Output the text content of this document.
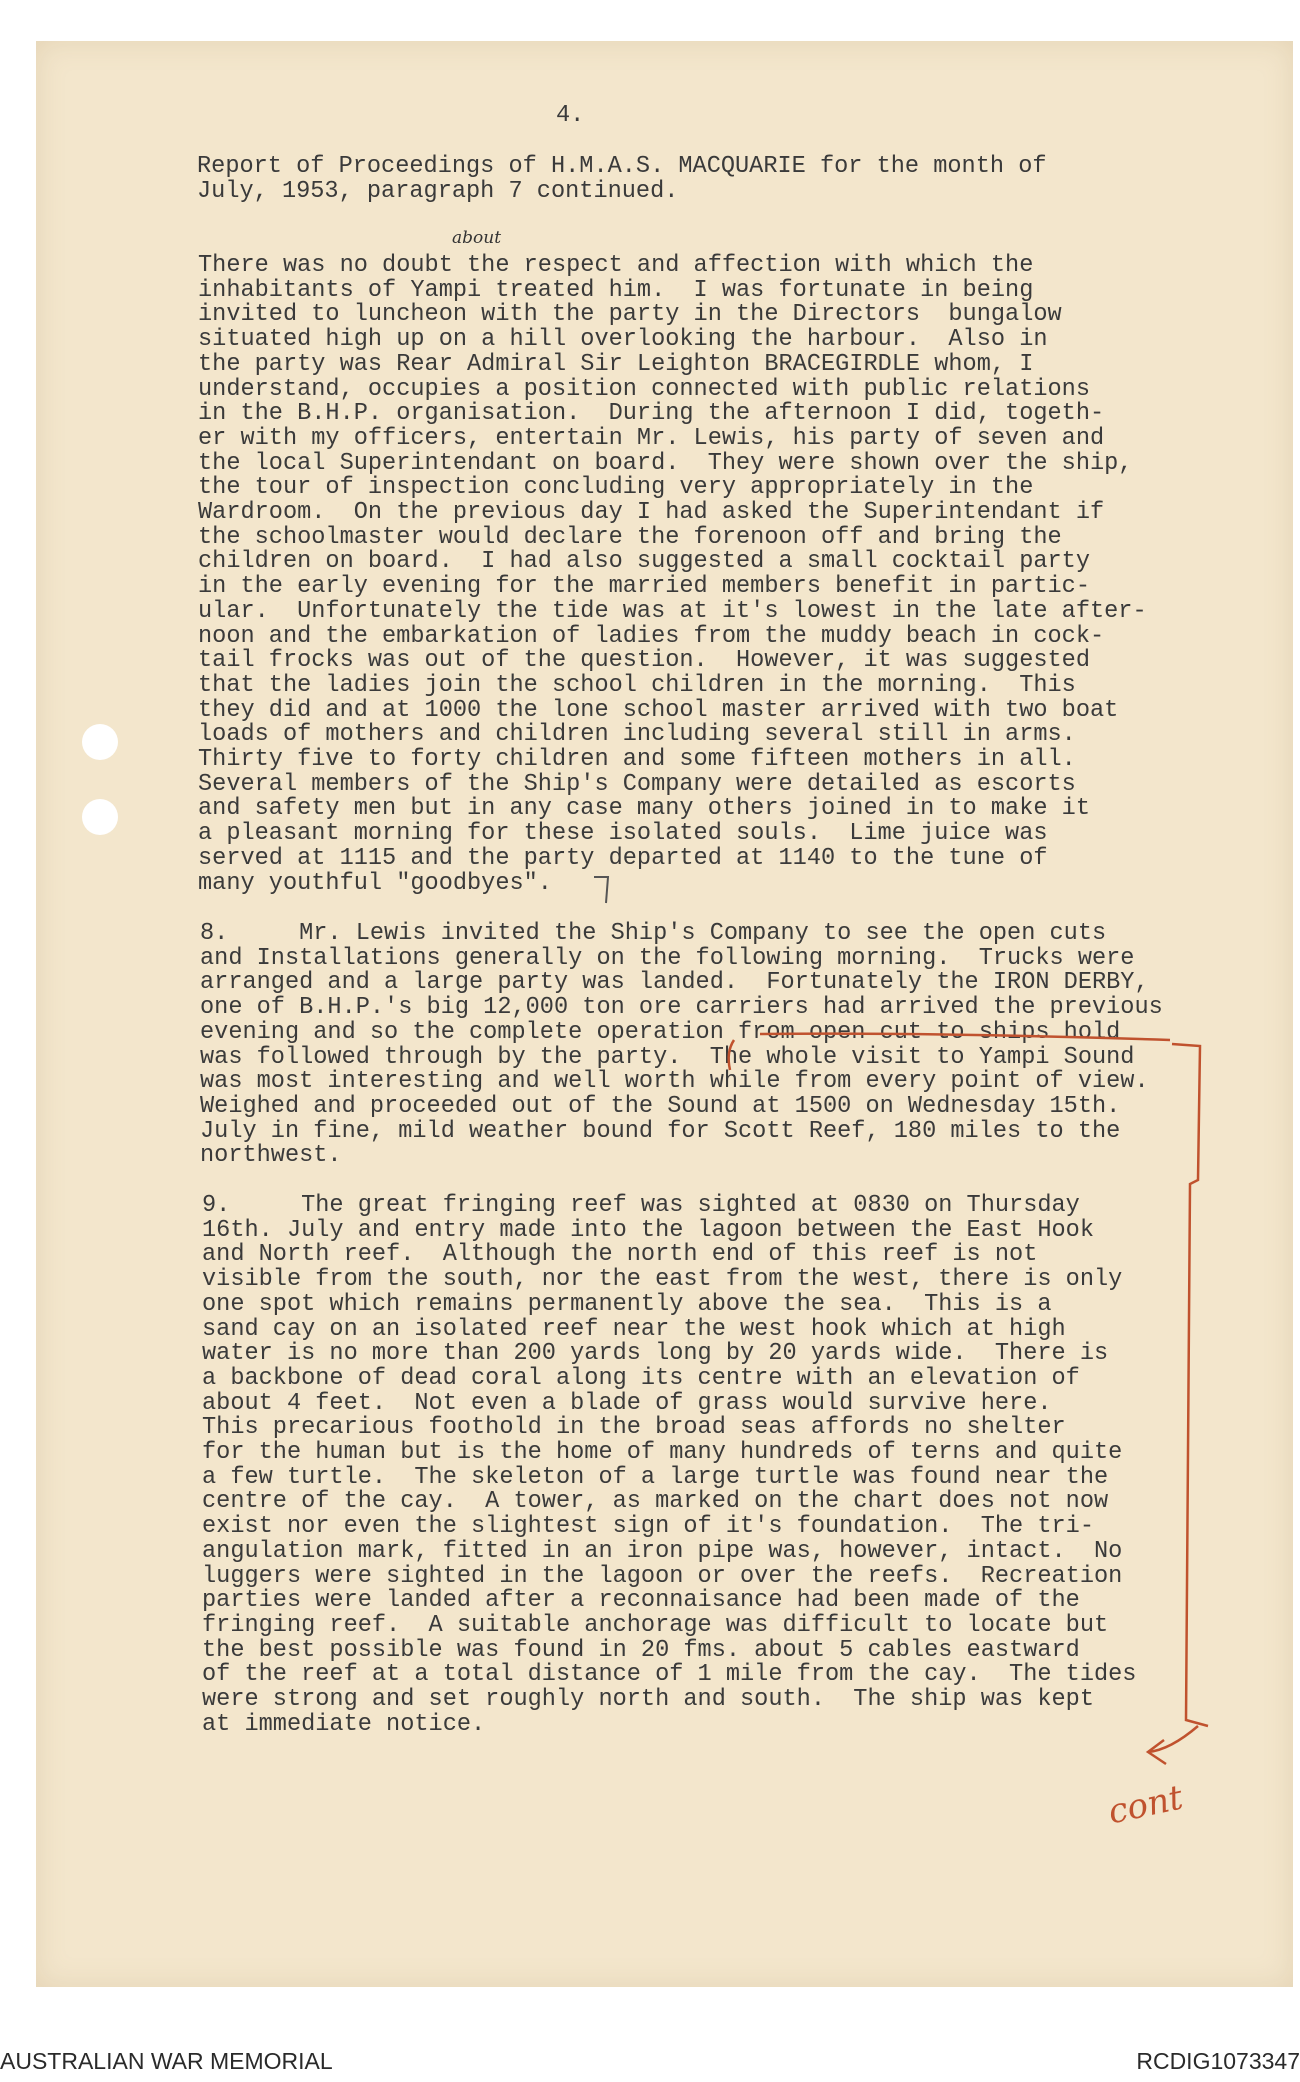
4.
Report of Proceedings of H.M.A.S. MACQUARIE for the month of
July, 1953, paragraph 7 continued.
about
There was no doubt the respect and affection with which the
inhabitants of Yampi treated him.  I was fortunate in being
invited to luncheon with the party in the Directors  bungalow
situated high up on a hill overlooking the harbour.  Also in
the party was Rear Admiral Sir Leighton BRACEGIRDLE whom, I
understand, occupies a position connected with public relations
in the B.H.P. organisation.  During the afternoon I did, togeth-
er with my officers, entertain Mr. Lewis, his party of seven and
the local Superintendant on board.  They were shown over the ship,
the tour of inspection concluding very appropriately in the
Wardroom.  On the previous day I had asked the Superintendant if
the schoolmaster would declare the forenoon off and bring the
children on board.  I had also suggested a small cocktail party
in the early evening for the married members benefit in partic-
ular.  Unfortunately the tide was at it's lowest in the late after-
noon and the embarkation of ladies from the muddy beach in cock-
tail frocks was out of the question.  However, it was suggested
that the ladies join the school children in the morning.  This
they did and at 1000 the lone school master arrived with two boat
loads of mothers and children including several still in arms.
Thirty five to forty children and some fifteen mothers in all.
Several members of the Ship's Company were detailed as escorts
and safety men but in any case many others joined in to make it
a pleasant morning for these isolated souls.  Lime juice was
served at 1115 and the party departed at 1140 to the tune of
many youthful "goodbyes".
8.     Mr. Lewis invited the Ship's Company to see the open cuts
and Installations generally on the following morning.  Trucks were
arranged and a large party was landed.  Fortunately the IRON DERBY,
one of B.H.P.'s big 12,000 ton ore carriers had arrived the previous
evening and so the complete operation from open cut to ships hold
was followed through by the party.  The whole visit to Yampi Sound
was most interesting and well worth while from every point of view.
Weighed and proceeded out of the Sound at 1500 on Wednesday 15th.
July in fine, mild weather bound for Scott Reef, 180 miles to the
northwest.
9.     The great fringing reef was sighted at 0830 on Thursday
16th. July and entry made into the lagoon between the East Hook
and North reef.  Although the north end of this reef is not
visible from the south, nor the east from the west, there is only
one spot which remains permanently above the sea.  This is a
sand cay on an isolated reef near the west hook which at high
water is no more than 200 yards long by 20 yards wide.  There is
a backbone of dead coral along its centre with an elevation of
about 4 feet.  Not even a blade of grass would survive here.
This precarious foothold in the broad seas affords no shelter
for the human but is the home of many hundreds of terns and quite
a few turtle.  The skeleton of a large turtle was found near the
centre of the cay.  A tower, as marked on the chart does not now
exist nor even the slightest sign of it's foundation.  The tri-
angulation mark, fitted in an iron pipe was, however, intact.  No
luggers were sighted in the lagoon or over the reefs.  Recreation
parties were landed after a reconnaisance had been made of the
fringing reef.  A suitable anchorage was difficult to locate but
the best possible was found in 20 fms. about 5 cables eastward
of the reef at a total distance of 1 mile from the cay.  The tides
were strong and set roughly north and south.  The ship was kept
at immediate notice.
cont
AUSTRALIAN WAR MEMORIAL	RCDIG1073347
